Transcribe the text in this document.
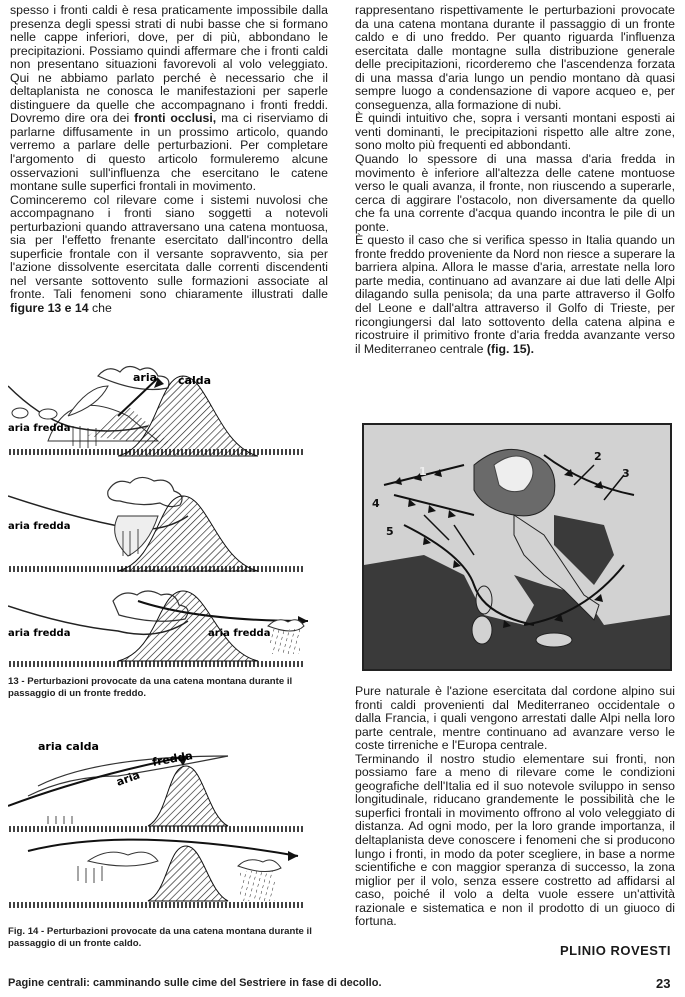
spesso i fronti caldi è resa praticamente impossibile dalla presenza degli spessi strati di nubi basse che si formano nelle cappe inferiori, dove, per di più, abbondano le precipitazioni. Possiamo quindi affermare che i fronti caldi non presentano situazioni favorevoli al volo veleggiato. Qui ne abbiamo parlato perché è necessario che il deltaplanista ne conosca le manifestazioni per saperle distinguere da quelle che accompagnano i fronti freddi. Dovremo dire ora dei fronti occlusi, ma ci riserviamo di parlarne diffusamente in un prossimo articolo, quando verremo a parlare delle perturbazioni. Per completare l'argomento di questo articolo formuleremo alcune osservazioni sull'influenza che esercitano le catene montane sulle superfici frontali in movimento.

Cominceremo col rilevare come i sistemi nuvolosi che accompagnano i fronti siano soggetti a notevoli perturbazioni quando attraversano una catena montuosa, sia per l'effetto frenante esercitato dall'incontro della superficie frontale con il versante sopravvento, sia per l'azione dissolvente esercitata dalle correnti discendenti nel versante sottovento sulle formazioni associate al fronte. Tali fenomeni sono chiaramente illustrati dalle figure 13 e 14 che

aria calda
aria fredda
aria fredda
aria fredda	aria fredda
13 - Perturbazioni provocate da una catena montana durante il passaggio di un fronte freddo.
aria calda
aria
fredda
Fig. 14 - Perturbazioni provocate da una catena montana durante il passaggio di un fronte caldo.

rappresentano rispettivamente le perturbazioni provocate da una catena montana durante il passaggio di un fronte caldo e di uno freddo. Per quanto riguarda l'influenza esercitata dalle montagne sulla distribuzione generale delle precipitazioni, ricorderemo che l'ascendenza forzata di una massa d'aria lungo un pendio montano dà quasi sempre luogo a condensazione di vapore acqueo e, per conseguenza, alla formazione di nubi.

È quindi intuitivo che, sopra i versanti montani esposti ai venti dominanti, le precipitazioni rispetto alle altre zone, sono molto più frequenti ed abbondanti.

Quando lo spessore di una massa d'aria fredda in movimento è inferiore all'altezza delle catene montuose verso le quali avanza, il fronte, non riuscendo a superarle, cerca di aggirare l'ostacolo, non diversamente da quello che fa una corrente d'acqua quando incontra le pile di un ponte.

È questo il caso che si verifica spesso in Italia quando un fronte freddo proveniente da Nord non riesce a superare la barriera alpina. Allora le masse d'aria, arrestate nella loro parte media, continuano ad avanzare ai due lati delle Alpi dilagando sulla penisola; da una parte attraverso il Golfo del Leone e dall'altra attraverso il Golfo di Trieste, per ricongiungersi dal lato sottovento della catena alpina e ricostruire il primitivo fronte d'aria fredda avanzante verso il Mediterraneo centrale (fig. 15).

1
2
3
4
5

Pure naturale è l'azione esercitata dal cordone alpino sui fronti caldi provenienti dal Mediterraneo occidentale o dalla Francia, i quali vengono arrestati dalle Alpi nella loro parte centrale, mentre continuano ad avanzare verso le coste tirreniche e l'Europa centrale.

Terminando il nostro studio elementare sui fronti, non possiamo fare a meno di rilevare come le condizioni geografiche dell'Italia ed il suo notevole sviluppo in senso longitudinale, riducano grandemente le possibilità che le superfici frontali in movimento offrono al volo veleggiato di distanza. Ad ogni modo, per la loro grande importanza, il deltaplanista deve conoscere i fenomeni che si producono lungo i fronti, in modo da poter scegliere, in base a norme scientifiche e con maggior speranza di successo, la zona miglior per il volo, senza essere costretto ad affidarsi al caso, poiché il volo a delta vuole essere un'attività razionale e sistematica e non il prodotto di un giuoco di fortuna.

PLINIO ROVESTI
Pagine centrali: camminando sulle cime del Sestriere in fase di decollo.	23
